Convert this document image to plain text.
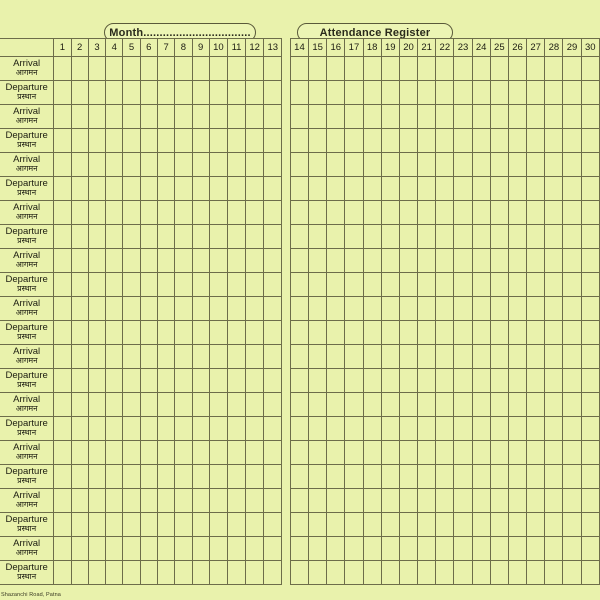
Month.................................	Attendance Register
	1	2	3	4	5	6	7	8	9	10	11	12	13		14	15	16	17	18	19	20	21	22	23	24	25	26	27	28	29	30

Arrival
आगमन																															

Departure
प्रस्थान																															

Arrival
आगमन																															

Departure
प्रस्थान																															

Arrival
आगमन																															

Departure
प्रस्थान																															

Arrival
आगमन																															

Departure
प्रस्थान																															

Arrival
आगमन																															

Departure
प्रस्थान																															

Arrival
आगमन																															

Departure
प्रस्थान																															

Arrival
आगमन																															

Departure
प्रस्थान																															

Arrival
आगमन																															

Departure
प्रस्थान																															

Arrival
आगमन																															

Departure
प्रस्थान																															

Arrival
आगमन																															

Departure
प्रस्थान																															

Arrival
आगमन																															

Departure
प्रस्थान																															

Shazanchi Road, Patna
